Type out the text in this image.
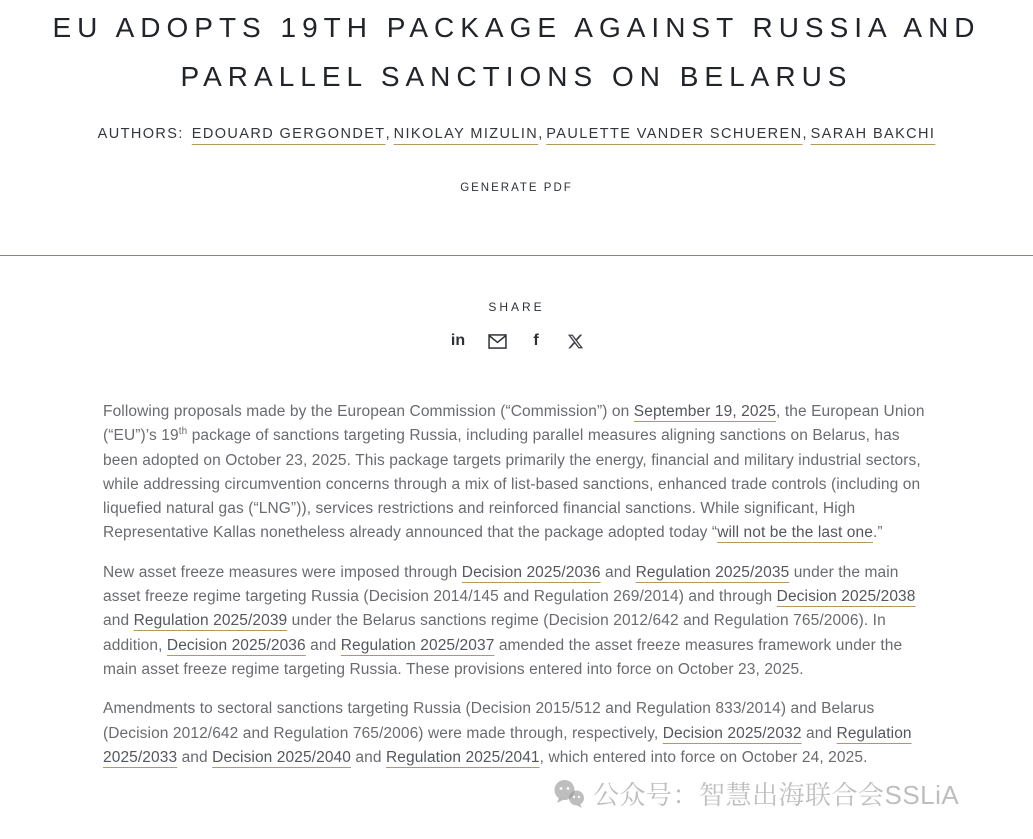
EU ADOPTS 19TH PACKAGE AGAINST RUSSIA AND
PARALLEL SANCTIONS ON BELARUS
AUTHORS: EDOUARD GERGONDET, NIKOLAY MIZULIN, PAULETTE VANDER SCHUEREN, SARAH BAKCHI
GENERATE PDF
SHARE
in	f

Following proposals made by the European Commission (“Commission”) on September 19, 2025, the European Union (“EU”)’s 19th package of sanctions targeting Russia, including parallel measures aligning sanctions on Belarus, has been adopted on October 23, 2025. This package targets primarily the energy, financial and military industrial sectors, while addressing circumvention concerns through a mix of list-based sanctions, enhanced trade controls (including on liquefied natural gas (“LNG”)), services restrictions and reinforced financial sanctions. While significant, High Representative Kallas nonetheless already announced that the package adopted today “will not be the last one.”

New asset freeze measures were imposed through Decision 2025/2036 and Regulation 2025/2035 under the main asset freeze regime targeting Russia (Decision 2014/145 and Regulation 269/2014) and through Decision 2025/2038 and Regulation 2025/2039 under the Belarus sanctions regime (Decision 2012/642 and Regulation 765/2006). In addition, Decision 2025/2036 and Regulation 2025/2037 amended the asset freeze measures framework under the main asset freeze regime targeting Russia. These provisions entered into force on October 23, 2025.

Amendments to sectoral sanctions targeting Russia (Decision 2015/512 and Regulation 833/2014) and Belarus (Decision 2012/642 and Regulation 765/2006) were made through, respectively, Decision 2025/2032 and Regulation 2025/2033 and Decision 2025/2040 and Regulation 2025/2041, which entered into force on October 24, 2025.

公众号：智慧出海联合会SSLiA
